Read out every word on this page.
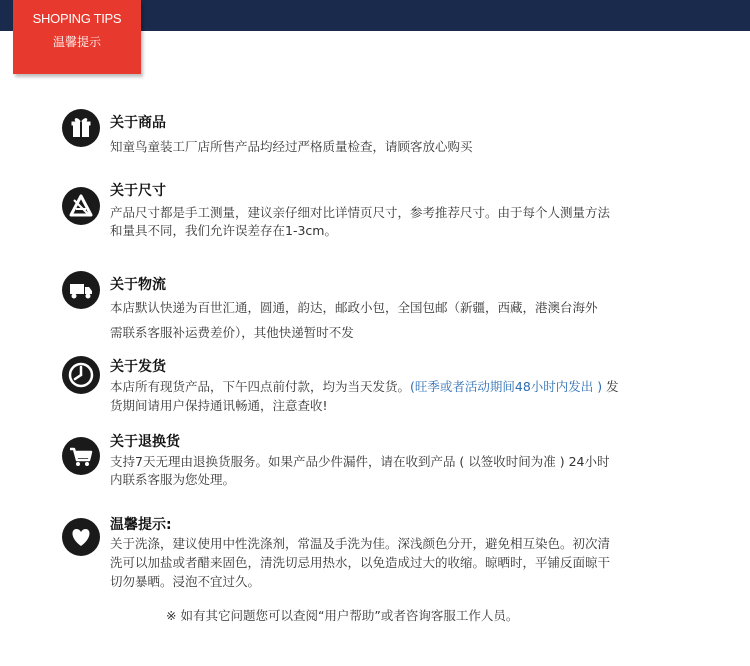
SHOPING TIPS
温馨提示
关于商品
知童鸟童装工厂店所售产品均经过严格质量检查，请顾客放心购买
关于尺寸
产品尺寸都是手工测量，建议亲仔细对比详情页尺寸，参考推荐尺寸。由于每个人测量方法
和量具不同，我们允许误差存在1-3cm。
关于物流
本店默认快递为百世汇通，圆通，韵达，邮政小包，全国包邮（新疆，西藏，港澳台海外
需联系客服补运费差价），其他快递暂时不发
关于发货
本店所有现货产品，下午四点前付款，均为当天发货。(旺季或者活动期间48小时内发出 ) 发
货期间请用户保持通讯畅通，注意查收!
关于退换货
支持7天无理由退换货服务。如果产品少件漏件，请在收到产品 ( 以签收时间为准 ) 24小时
内联系客服为您处理。
温馨提示:
关于洗涤，建议使用中性洗涤剂，常温及手洗为佳。深浅颜色分开，避免相互染色。初次清
洗可以加盐或者醋来固色，清洗切忌用热水，以免造成过大的收缩。晾晒时，平铺反面晾干
切勿暴晒。浸泡不宜过久。
※ 如有其它问题您可以查阅“用户帮助”或者咨询客服工作人员。
